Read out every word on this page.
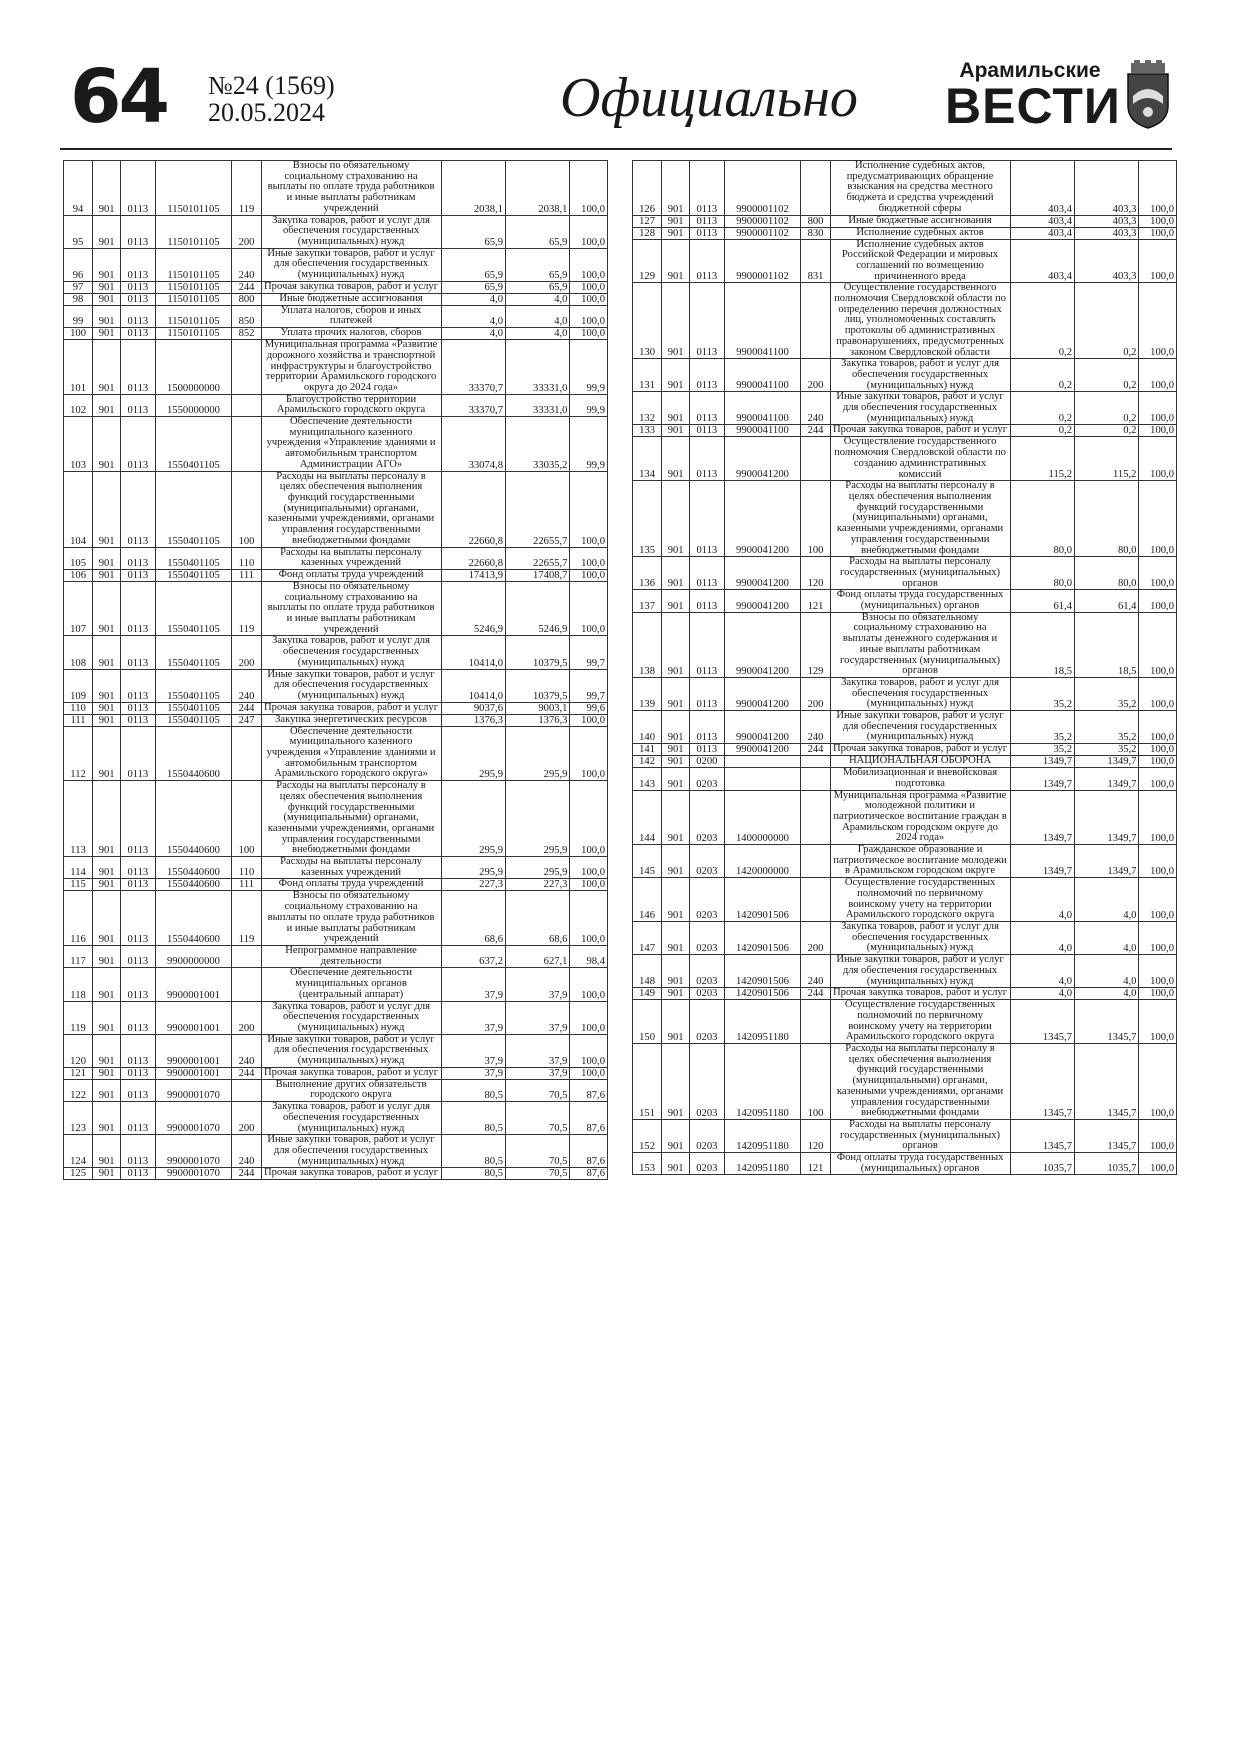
64 №24 (1569)
20.05.2024	Официально	Арамильские
ВЕСТИ
94	901	0113	1150101105	119	Взносы по обязательному социальному страхованию на выплаты по оплате труда работников и иные выплаты работникам учреждений	2038,1	2038,1	100,0
95	901	0113	1150101105	200	Закупка товаров, работ и услуг для обеспечения государственных (муниципальных) нужд	65,9	65,9	100,0
96	901	0113	1150101105	240	Иные закупки товаров, работ и услуг для обеспечения государственных (муниципальных) нужд	65,9	65,9	100,0
97	901	0113	1150101105	244	Прочая закупка товаров, работ и услуг	65,9	65,9	100,0
98	901	0113	1150101105	800	Иные бюджетные ассигнования	4,0	4,0	100,0
99	901	0113	1150101105	850	Уплата налогов, сборов и иных платежей	4,0	4,0	100,0
100	901	0113	1150101105	852	Уплата прочих налогов, сборов	4,0	4,0	100,0
101	901	0113	1500000000		Муниципальная программа «Развитие дорожного хозяйства и транспортной инфраструктуры и благоустройство территории Арамильского городского округа до 2024 года»	33370,7	33331,0	99,9
102	901	0113	1550000000		Благоустройство территории Арамильского городского округа	33370,7	33331,0	99,9
103	901	0113	1550401105		Обеспечение деятельности муниципального казенного учреждения «Управление зданиями и автомобильным транспортом Администрации АГО»	33074,8	33035,2	99,9
104	901	0113	1550401105	100	Расходы на выплаты персоналу в целях обеспечения выполнения функций государственными (муниципальными) органами, казенными учреждениями, органами управления государственными внебюджетными фондами	22660,8	22655,7	100,0
105	901	0113	1550401105	110	Расходы на выплаты персоналу казенных учреждений	22660,8	22655,7	100,0
106	901	0113	1550401105	111	Фонд оплаты труда учреждений	17413,9	17408,7	100,0
107	901	0113	1550401105	119	Взносы по обязательному социальному страхованию на выплаты по оплате труда работников и иные выплаты работникам учреждений	5246,9	5246,9	100,0
108	901	0113	1550401105	200	Закупка товаров, работ и услуг для обеспечения государственных (муниципальных) нужд	10414,0	10379,5	99,7
109	901	0113	1550401105	240	Иные закупки товаров, работ и услуг для обеспечения государственных (муниципальных) нужд	10414,0	10379,5	99,7
110	901	0113	1550401105	244	Прочая закупка товаров, работ и услуг	9037,6	9003,1	99,6
111	901	0113	1550401105	247	Закупка энергетических ресурсов	1376,3	1376,3	100,0
112	901	0113	1550440600		Обеспечение деятельности муниципального казенного учреждения «Управление зданиями и автомобильным транспортом Арамильского городского округа»	295,9	295,9	100,0
113	901	0113	1550440600	100	Расходы на выплаты персоналу в целях обеспечения выполнения функций государственными (муниципальными) органами, казенными учреждениями, органами управления государственными внебюджетными фондами	295,9	295,9	100,0
114	901	0113	1550440600	110	Расходы на выплаты персоналу казенных учреждений	295,9	295,9	100,0
115	901	0113	1550440600	111	Фонд оплаты труда учреждений	227,3	227,3	100,0
116	901	0113	1550440600	119	Взносы по обязательному социальному страхованию на выплаты по оплате труда работников и иные выплаты работникам учреждений	68,6	68,6	100,0
117	901	0113	9900000000		Непрограммное направление деятельности	637,2	627,1	98,4
118	901	0113	9900001001		Обеспечение деятельности муниципальных органов (центральный аппарат)	37,9	37,9	100,0
119	901	0113	9900001001	200	Закупка товаров, работ и услуг для обеспечения государственных (муниципальных) нужд	37,9	37,9	100,0
120	901	0113	9900001001	240	Иные закупки товаров, работ и услуг для обеспечения государственных (муниципальных) нужд	37,9	37,9	100,0
121	901	0113	9900001001	244	Прочая закупка товаров, работ и услуг	37,9	37,9	100,0
122	901	0113	9900001070		Выполнение других обязательств городского округа	80,5	70,5	87,6
123	901	0113	9900001070	200	Закупка товаров, работ и услуг для обеспечения государственных (муниципальных) нужд	80,5	70,5	87,6
124	901	0113	9900001070	240	Иные закупки товаров, работ и услуг для обеспечения государственных (муниципальных) нужд	80,5	70,5	87,6
125	901	0113	9900001070	244	Прочая закупка товаров, работ и услуг	80,5	70,5	87,6
126	901	0113	9900001102		Исполнение судебных актов, предусматривающих обращение взыскания на средства местного бюджета и средства учреждений бюджетной сферы	403,4	403,3	100,0
127	901	0113	9900001102	800	Иные бюджетные ассигнования	403,4	403,3	100,0
128	901	0113	9900001102	830	Исполнение судебных актов	403,4	403,3	100,0
129	901	0113	9900001102	831	Исполнение судебных актов Российской Федерации и мировых соглашений по возмещению причиненного вреда	403,4	403,3	100,0
130	901	0113	9900041100		Осуществление государственного полномочия Свердловской области по определению перечня должностных лиц, уполномоченных составлять протоколы об административных правонарушениях, предусмотренных законом Свердловской области	0,2	0,2	100,0
131	901	0113	9900041100	200	Закупка товаров, работ и услуг для обеспечения государственных (муниципальных) нужд	0,2	0,2	100,0
132	901	0113	9900041100	240	Иные закупки товаров, работ и услуг для обеспечения государственных (муниципальных) нужд	0,2	0,2	100,0
133	901	0113	9900041100	244	Прочая закупка товаров, работ и услуг	0,2	0,2	100,0
134	901	0113	9900041200		Осуществление государственного полномочия Свердловской области по созданию административных комиссий	115,2	115,2	100,0
135	901	0113	9900041200	100	Расходы на выплаты персоналу в целях обеспечения выполнения функций государственными (муниципальными) органами, казенными учреждениями, органами управления государственными внебюджетными фондами	80,0	80,0	100,0
136	901	0113	9900041200	120	Расходы на выплаты персоналу государственных (муниципальных) органов	80,0	80,0	100,0
137	901	0113	9900041200	121	Фонд оплаты труда государственных (муниципальных) органов	61,4	61,4	100,0
138	901	0113	9900041200	129	Взносы по обязательному социальному страхованию на выплаты денежного содержания и иные выплаты работникам государственных (муниципальных) органов	18,5	18,5	100,0
139	901	0113	9900041200	200	Закупка товаров, работ и услуг для обеспечения государственных (муниципальных) нужд	35,2	35,2	100,0
140	901	0113	9900041200	240	Иные закупки товаров, работ и услуг для обеспечения государственных (муниципальных) нужд	35,2	35,2	100,0
141	901	0113	9900041200	244	Прочая закупка товаров, работ и услуг	35,2	35,2	100,0
142	901	0200			НАЦИОНАЛЬНАЯ ОБОРОНА	1349,7	1349,7	100,0
143	901	0203			Мобилизационная и вневойсковая подготовка	1349,7	1349,7	100,0
144	901	0203	1400000000		Муниципальная программа «Развитие молодежной политики и патриотическое воспитание граждан в Арамильском городском округе до 2024 года»	1349,7	1349,7	100,0
145	901	0203	1420000000		Гражданское образование и патриотическое воспитание молодежи в Арамильском городском округе	1349,7	1349,7	100,0
146	901	0203	1420901506		Осуществление государственных полномочий по первичному воинскому учету на территории Арамильского городского округа	4,0	4,0	100,0
147	901	0203	1420901506	200	Закупка товаров, работ и услуг для обеспечения государственных (муниципальных) нужд	4,0	4,0	100,0
148	901	0203	1420901506	240	Иные закупки товаров, работ и услуг для обеспечения государственных (муниципальных) нужд	4,0	4,0	100,0
149	901	0203	1420901506	244	Прочая закупка товаров, работ и услуг	4,0	4,0	100,0
150	901	0203	1420951180		Осуществление государственных полномочий по первичному воинскому учету на территории Арамильского городского округа	1345,7	1345,7	100,0
151	901	0203	1420951180	100	Расходы на выплаты персоналу в целях обеспечения выполнения функций государственными (муниципальными) органами, казенными учреждениями, органами управления государственными внебюджетными фондами	1345,7	1345,7	100,0
152	901	0203	1420951180	120	Расходы на выплаты персоналу государственных (муниципальных) органов	1345,7	1345,7	100,0
153	901	0203	1420951180	121	Фонд оплаты труда государственных (муниципальных) органов	1035,7	1035,7	100,0
